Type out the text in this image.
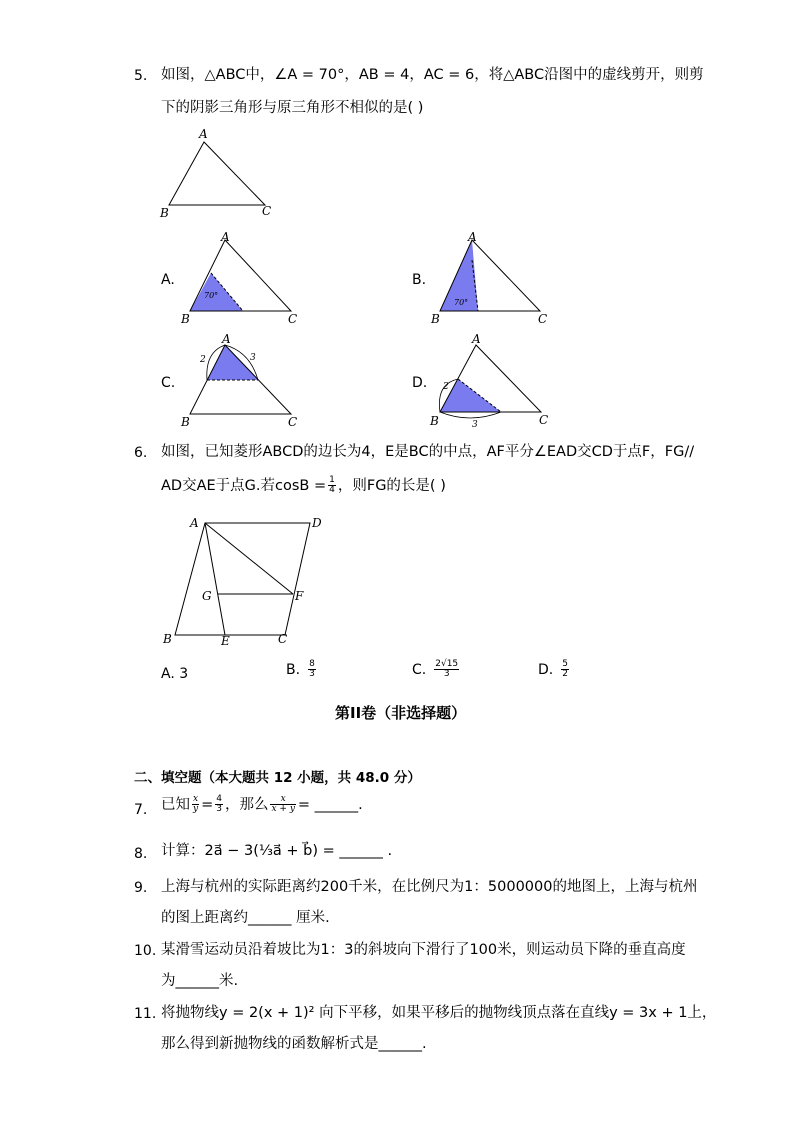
5. 如图，△ABC中，∠A = 70°，AB = 4，AC = 6，将△ABC沿图中的虚线剪开，则剪
下的阴影三角形与原三角形不相似的是( )
A
B	C
A.
70°
A
B	C
B.
70°
A
B	C
C.
2	3
A
B	C
D. 2
3
A
B	C
6. 如图，已知菱形ABCD的边长为4，E是BC的中点，AF平分∠EAD交CD于点F，FG//
AD交AE于点G.若$\cos B = \frac{1}{4}$ ，则FG的长是( )
A	D
G	F
B	E	C
A. 3	B. $\frac{8}{3}$	C. $\frac{2√15}{3}$	D. $\frac{5}{2}$
第II卷（非选择题）
二、填空题（本大题共 12 小题，共 48.0 分）
7. 已知 $\frac{x}{y} = \frac{4}{3}$ ，那么 $\frac{x}{x + y}$ = ______.
8. 计算：2a⃗ − 3(⅓a⃗ + b⃗) = ______ .
9. 上海与杭州的实际距离约200千米，在比例尺为1：5000000的地图上，上海与杭州
的图上距离约______ 厘米.
10. 某滑雪运动员沿着坡比为1：3的斜坡向下滑行了100米，则运动员下降的垂直高度
为______米.
11. 将抛物线y = 2(x + 1)² 向下平移，如果平移后的抛物线顶点落在直线y = 3x + 1上，
那么得到新抛物线的函数解析式是______.
